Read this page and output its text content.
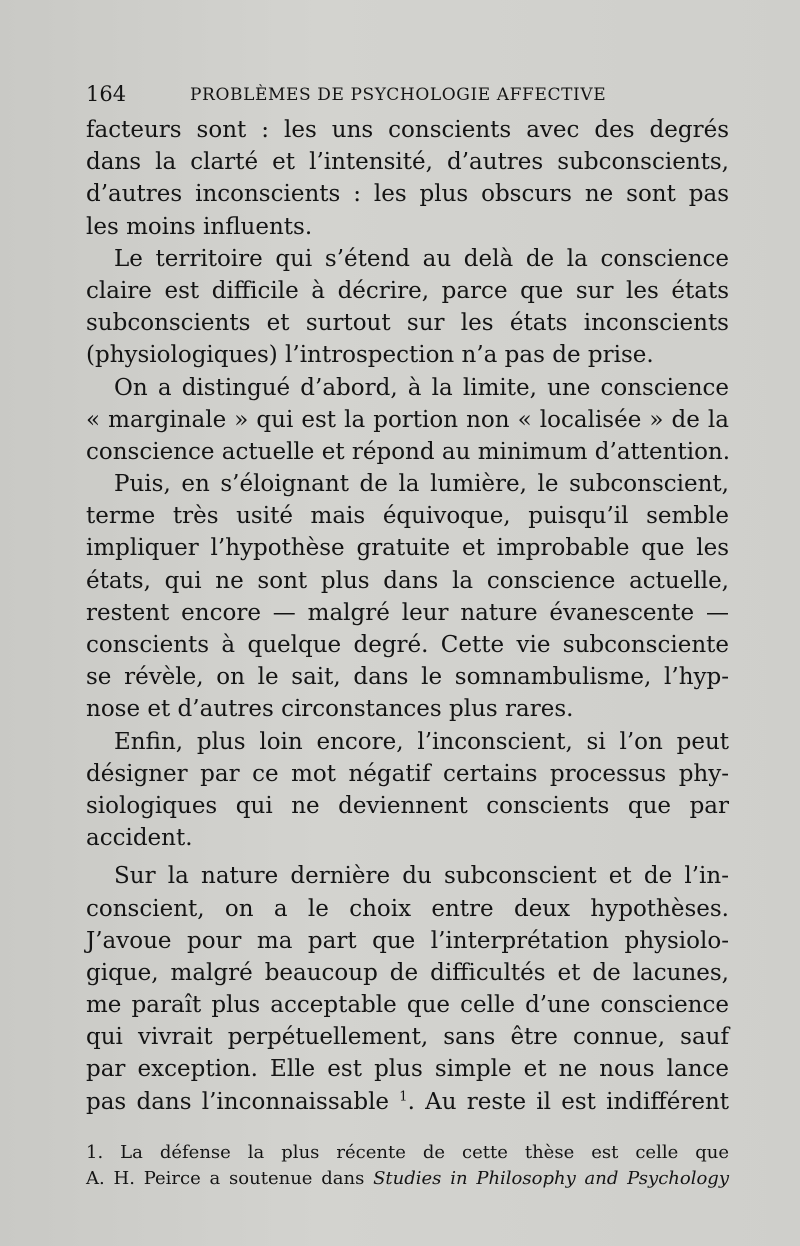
164	PROBLÈMES DE PSYCHOLOGIE AFFECTIVE
facteurs sont : les uns conscients avec des degrés
dans la clarté et l’intensité, d’autres subconscients,
d’autres inconscients : les plus obscurs ne sont pas
les moins influents.
Le territoire qui s’étend au delà de la conscience
claire est difficile à décrire, parce que sur les états
subconscients et surtout sur les états inconscients
(physiologiques) l’introspection n’a pas de prise.
On a distingué d’abord, à la limite, une conscience
« marginale » qui est la portion non « localisée » de la
conscience actuelle et répond au minimum d’attention.
Puis, en s’éloignant de la lumière, le subconscient,
terme très usité mais équivoque, puisqu’il semble
impliquer l’hypothèse gratuite et improbable que les
états, qui ne sont plus dans la conscience actuelle,
restent encore — malgré leur nature évanescente —
conscients à quelque degré. Cette vie subconsciente
se révèle, on le sait, dans le somnambulisme, l’hyp-
nose et d’autres circonstances plus rares.
Enfin, plus loin encore, l’inconscient, si l’on peut
désigner par ce mot négatif certains processus phy-
siologiques qui ne deviennent conscients que par
accident.
Sur la nature dernière du subconscient et de l’in-
conscient, on a le choix entre deux hypothèses.
J’avoue pour ma part que l’interprétation physiolo-
gique, malgré beaucoup de difficultés et de lacunes,
me paraît plus acceptable que celle d’une conscience
qui vivrait perpétuellement, sans être connue, sauf
par exception. Elle est plus simple et ne nous lance
pas dans l’inconnaissable $^1$. Au reste il est indifférent
1. La défense la plus récente de cette thèse est celle que
A. H. Peirce a soutenue dans Studies in Philosophy and Psychology
